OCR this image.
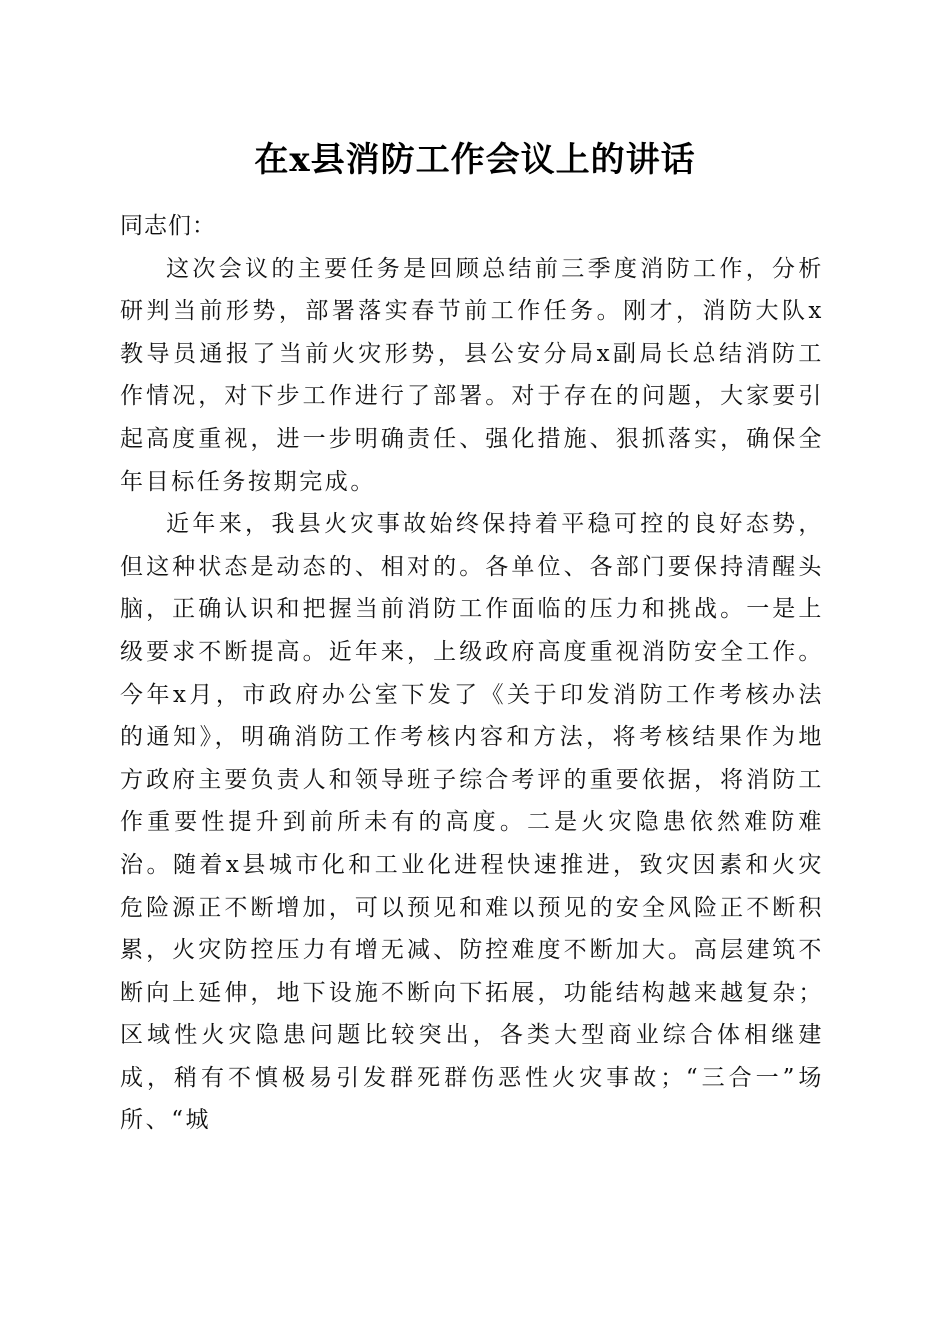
在x县消防工作会议上的讲话

同志们：

这次会议的主要任务是回顾总结前三季度消防工作，分析研判当前形势，部署落实春节前工作任务。刚才，消防大队x教导员通报了当前火灾形势，县公安分局x副局长总结消防工作情况，对下步工作进行了部署。对于存在的问题，大家要引起高度重视，进一步明确责任、强化措施、狠抓落实，确保全年目标任务按期完成。

近年来，我县火灾事故始终保持着平稳可控的良好态势，但这种状态是动态的、相对的。各单位、各部门要保持清醒头脑，正确认识和把握当前消防工作面临的压力和挑战。一是上级要求不断提高。近年来，上级政府高度重视消防安全工作。今年x月，市政府办公室下发了《关于印发消防工作考核办法的通知》，明确消防工作考核内容和方法，将考核结果作为地方政府主要负责人和领导班子综合考评的重要依据，将消防工作重要性提升到前所未有的高度。二是火灾隐患依然难防难治。随着x县城市化和工业化进程快速推进，致灾因素和火灾危险源正不断增加，可以预见和难以预见的安全风险正不断积累，火灾防控压力有增无减、防控难度不断加大。高层建筑不断向上延伸，地下设施不断向下拓展，功能结构越来越复杂；区域性火灾隐患问题比较突出，各类大型商业综合体相继建成，稍有不慎极易引发群死群伤恶性火灾事故；“三合一”场所、“城
